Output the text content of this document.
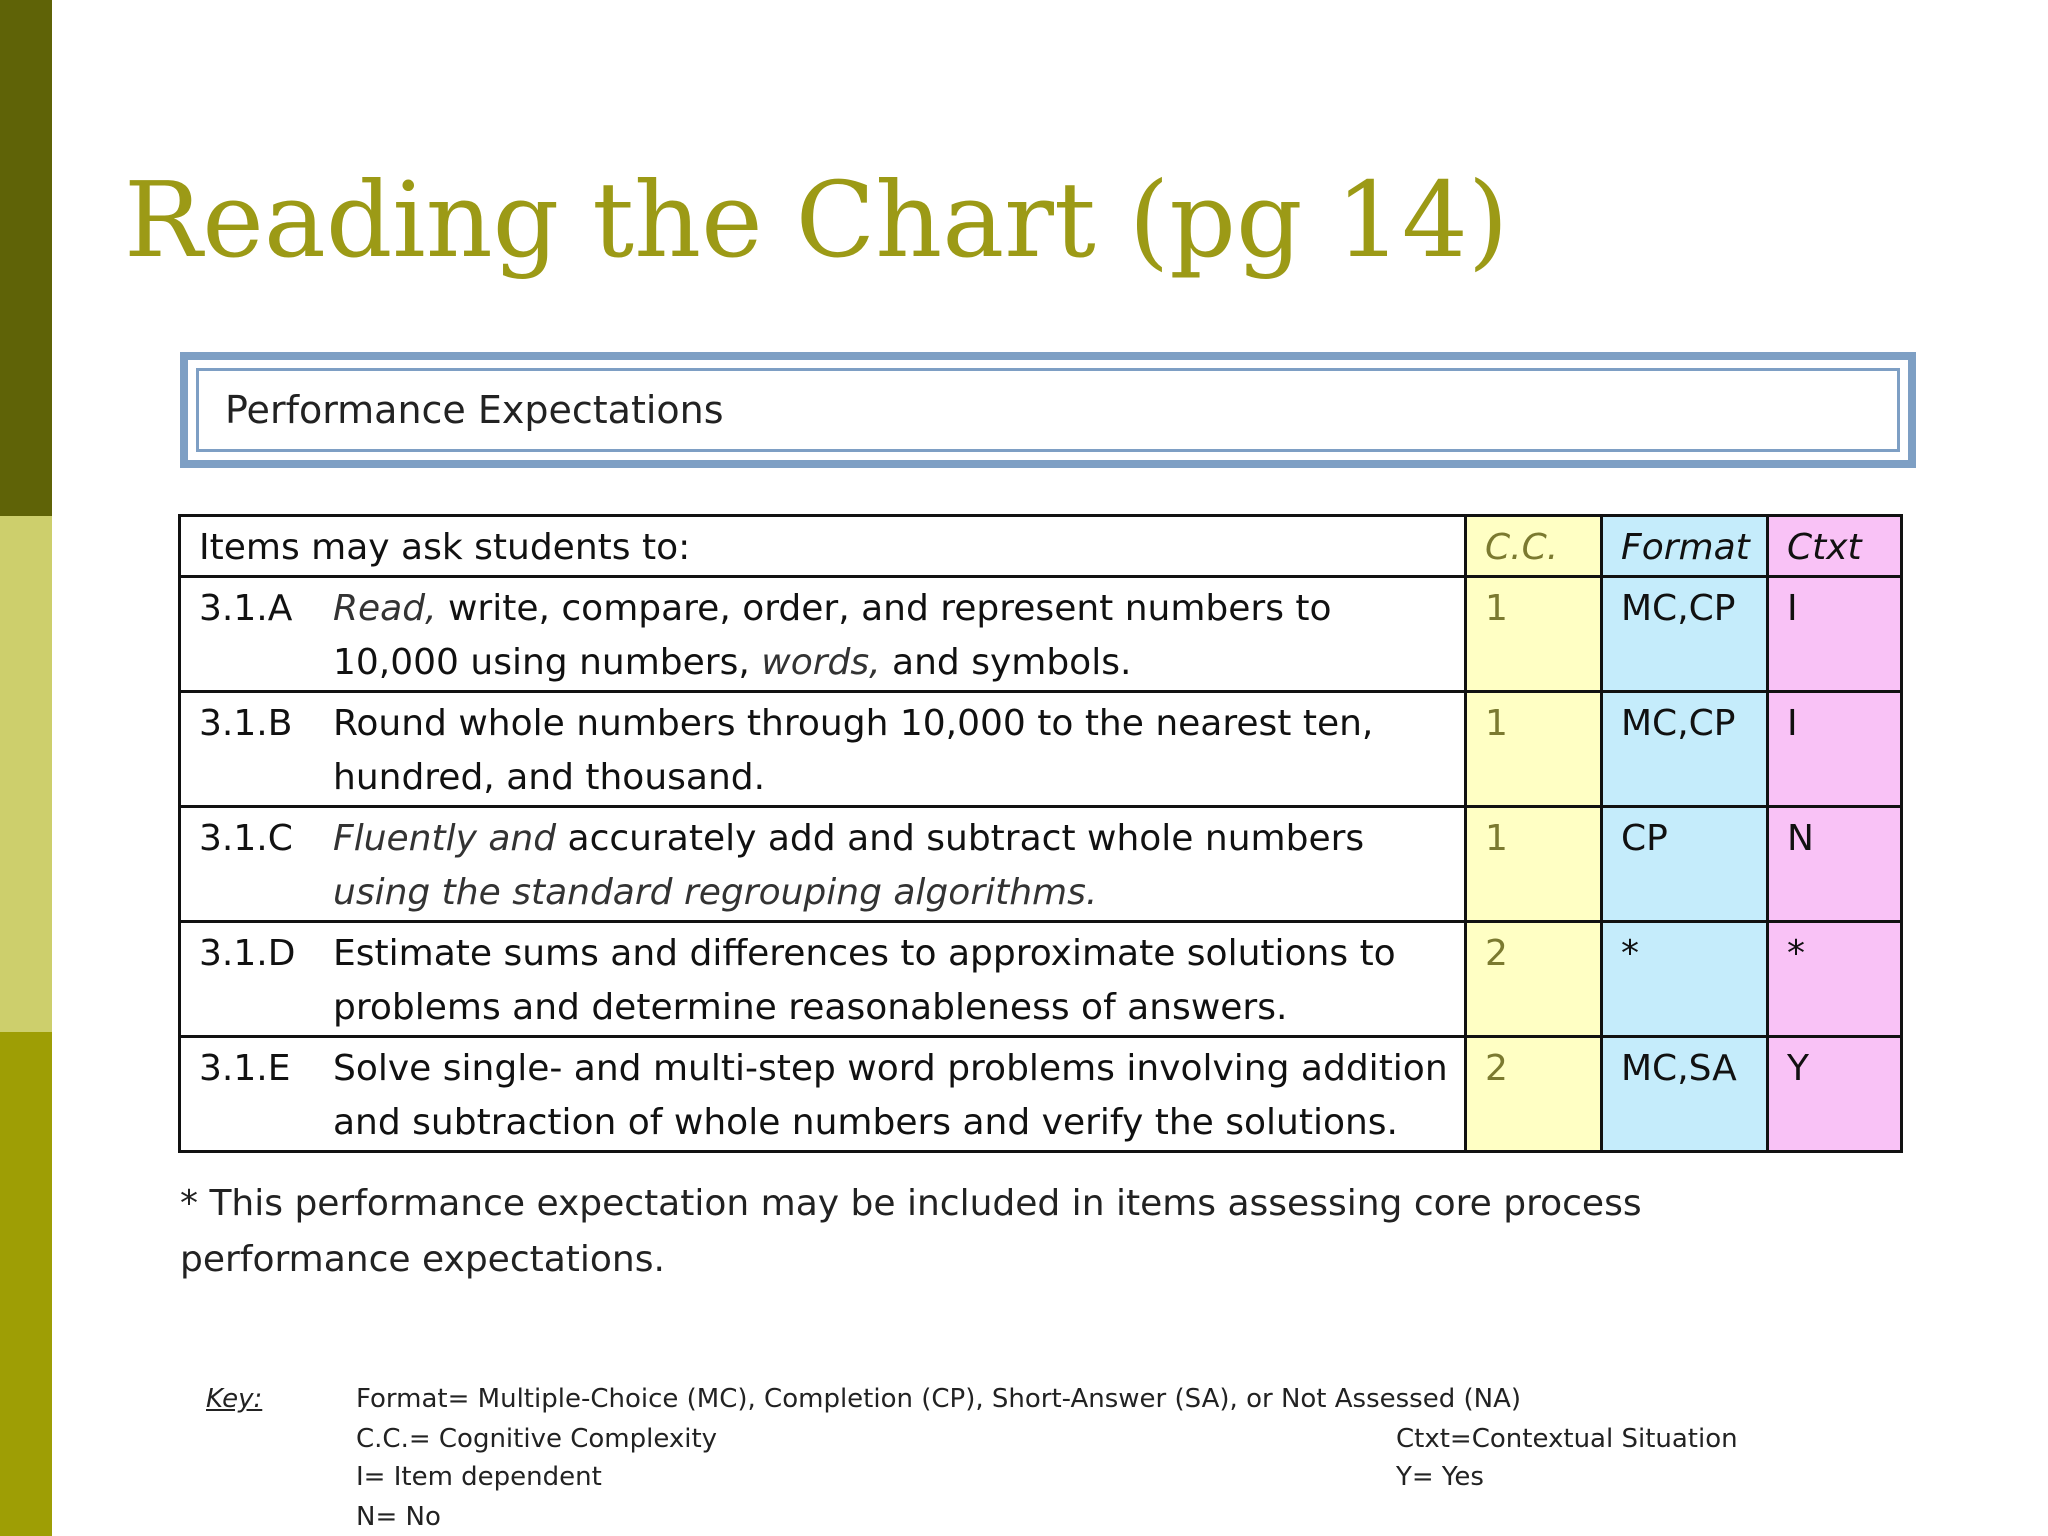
Reading the Chart (pg 14)
Performance Expectations
Items may ask students to:	C.C.	Format	Ctxt

3.1.A Read, write, compare, order, and represent numbers to 10,000 using numbers, words, and symbols.	1	MC,CP	I

3.1.B Round whole numbers through 10,000 to the nearest ten, hundred, and thousand.	1	MC,CP	I

3.1.C Fluently and accurately add and subtract whole numbers using the standard regrouping algorithms.	1	CP	N

3.1.D Estimate sums and differences to approximate solutions to problems and determine reasonableness of answers.	2	*	*

3.1.E Solve single- and multi-step word problems involving addition and subtraction of whole numbers and verify the solutions.	2	MC,SA	Y
* This performance expectation may be included in items assessing core process performance expectations.
Key:	Format= Multiple-Choice (MC), Completion (CP), Short-Answer (SA), or Not Assessed (NA)
C.C.= Cognitive Complexity
I= Item dependent
N= No
Ctxt=Contextual Situation
Y= Yes
